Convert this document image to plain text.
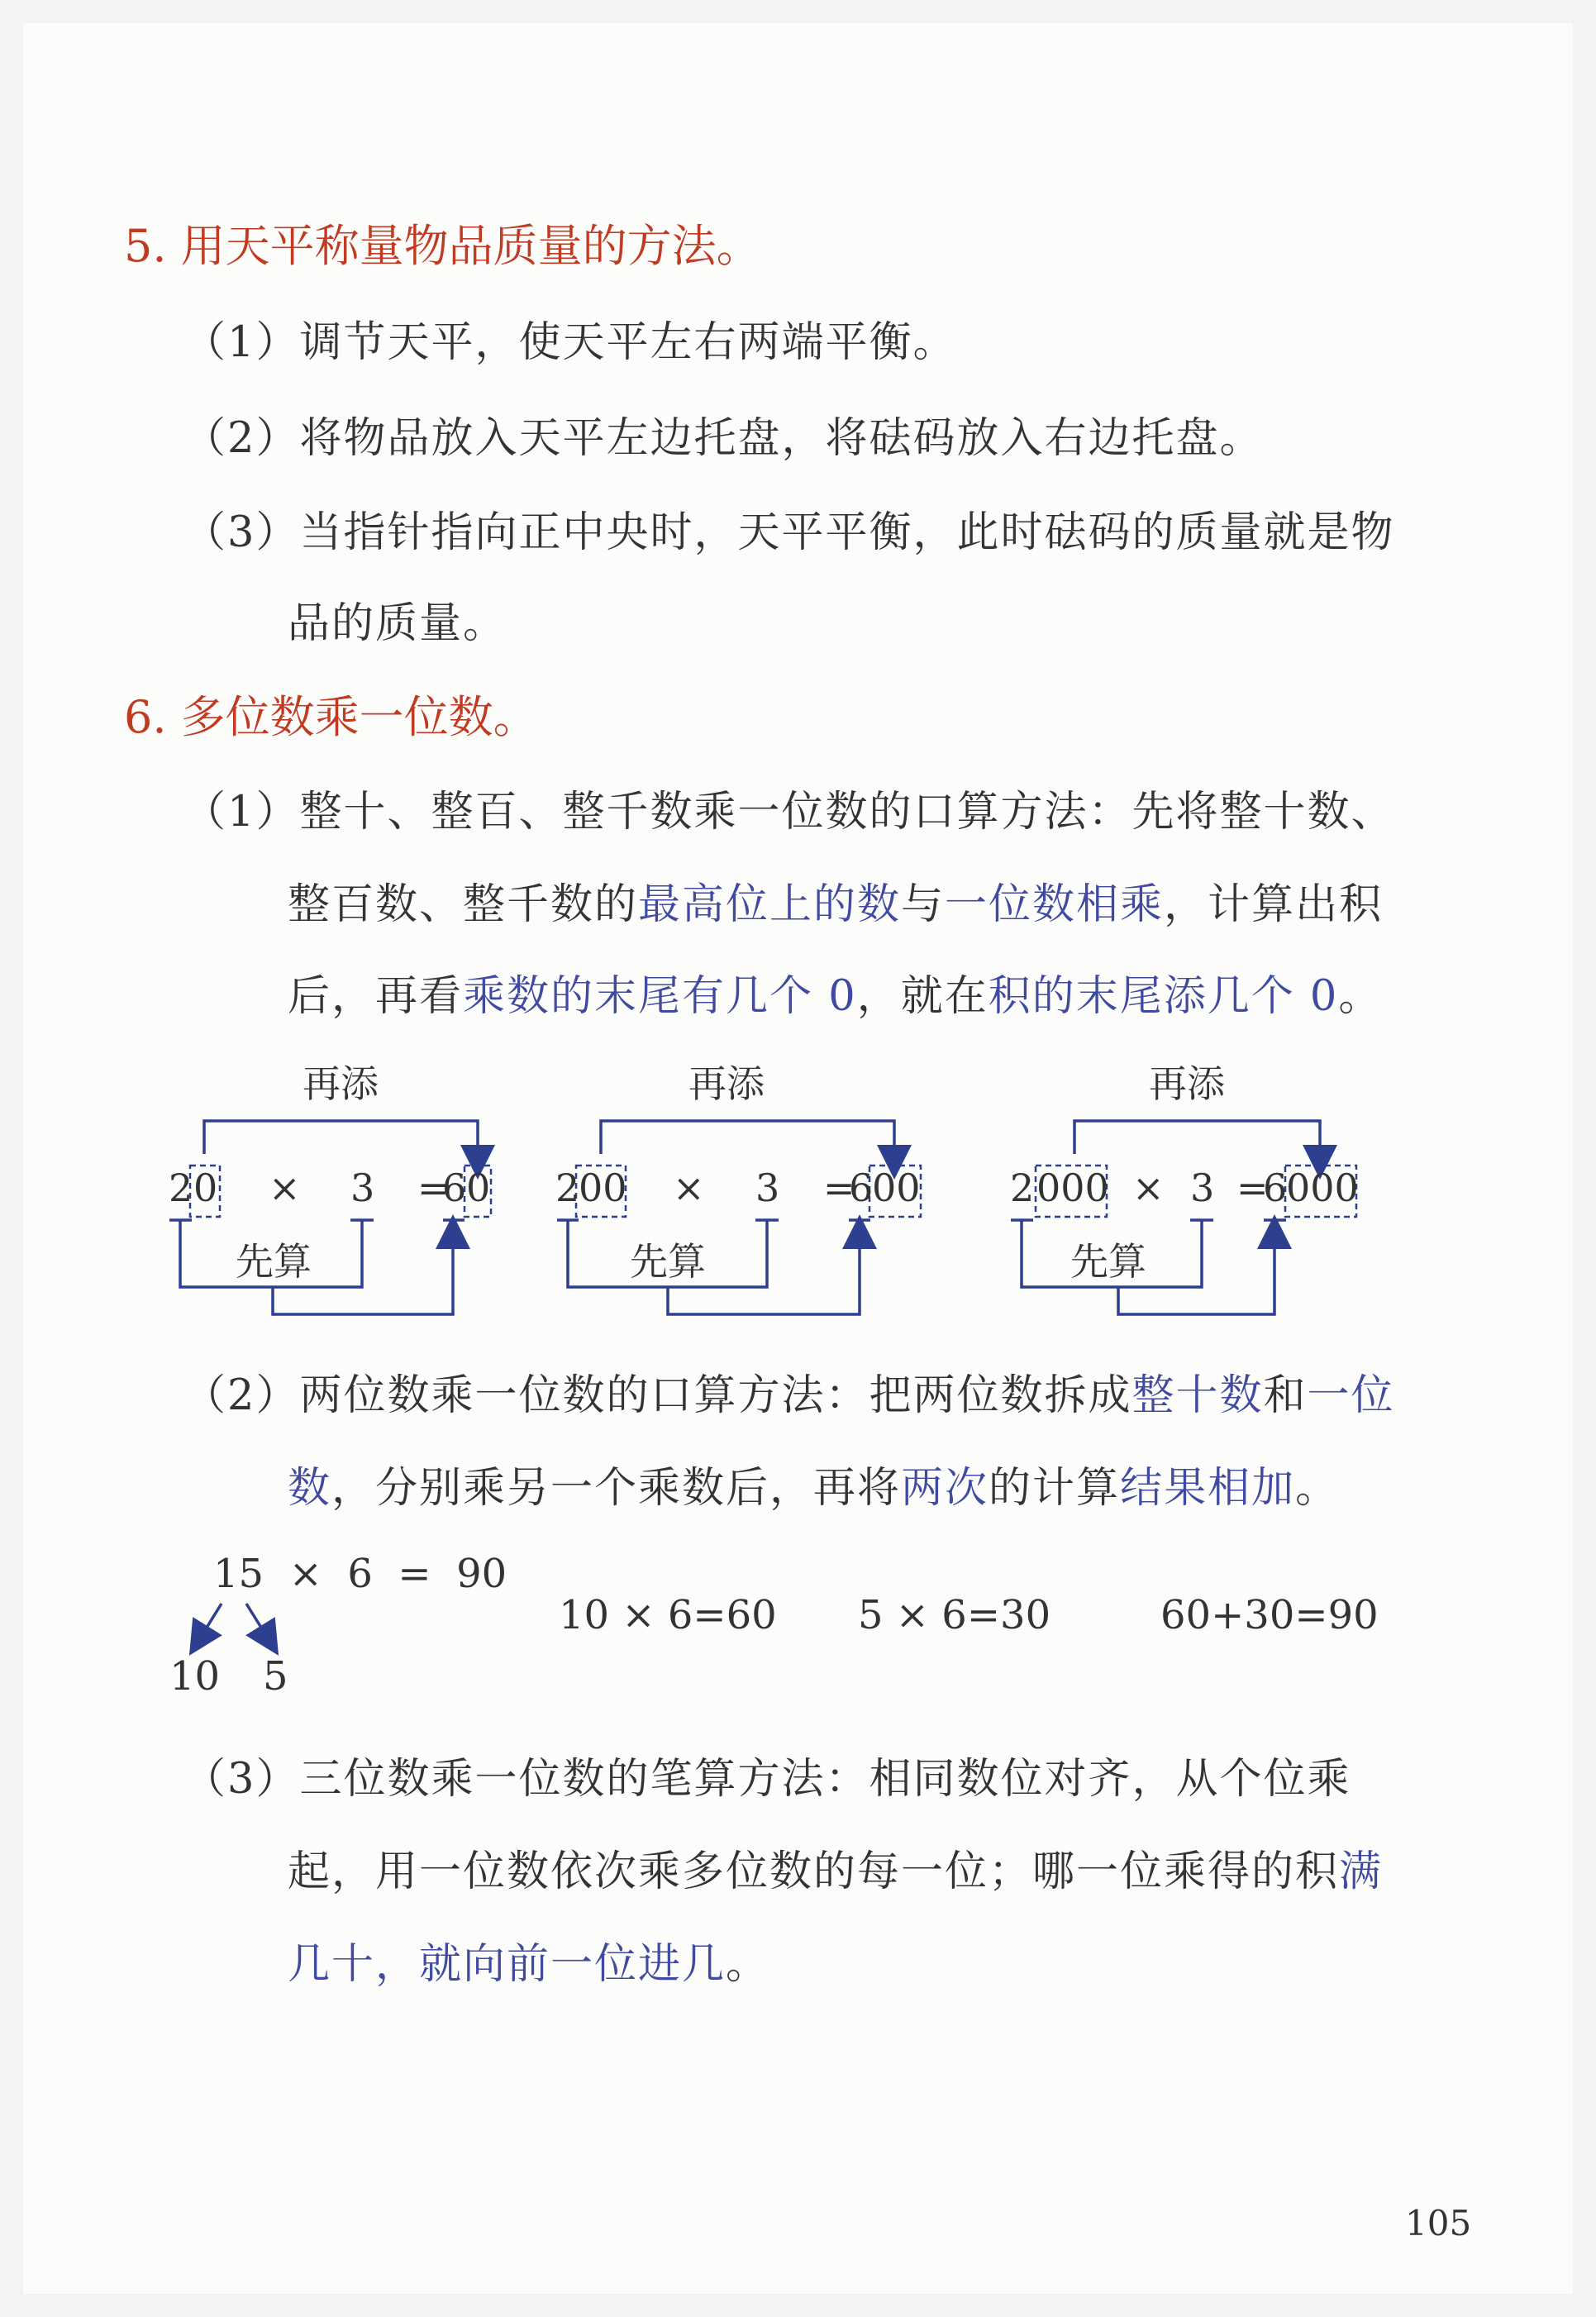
5. 用天平称量物品质量的方法。
（1）调节天平，使天平左右两端平衡。
（2）将物品放入天平左边托盘，将砝码放入右边托盘。
（3）当指针指向正中央时，天平平衡，此时砝码的质量就是物
品的质量。
6. 多位数乘一位数。
（1）整十、整百、整千数乘一位数的口算方法：先将整十数、
整百数、整千数的最高位上的数与一位数相乘，计算出积
后，再看乘数的末尾有几个 0，就在积的末尾添几个 0。
再添
2 0 × 3 =
6 0
先算
再添
2
00 × 3 =
6
00
先算
再添
2 000 × 3 =
6
000
先算
（2）两位数乘一位数的口算方法：把两位数拆成整十数和一位
数，分别乘另一个乘数后，再将两次的计算结果相加。
15  ×  6  =  90
10 5
10 × 6=60 5 × 6=30	60+30=90
（3）三位数乘一位数的笔算方法：相同数位对齐，从个位乘
起，用一位数依次乘多位数的每一位；哪一位乘得的积满
几十，就向前一位进几。
105
